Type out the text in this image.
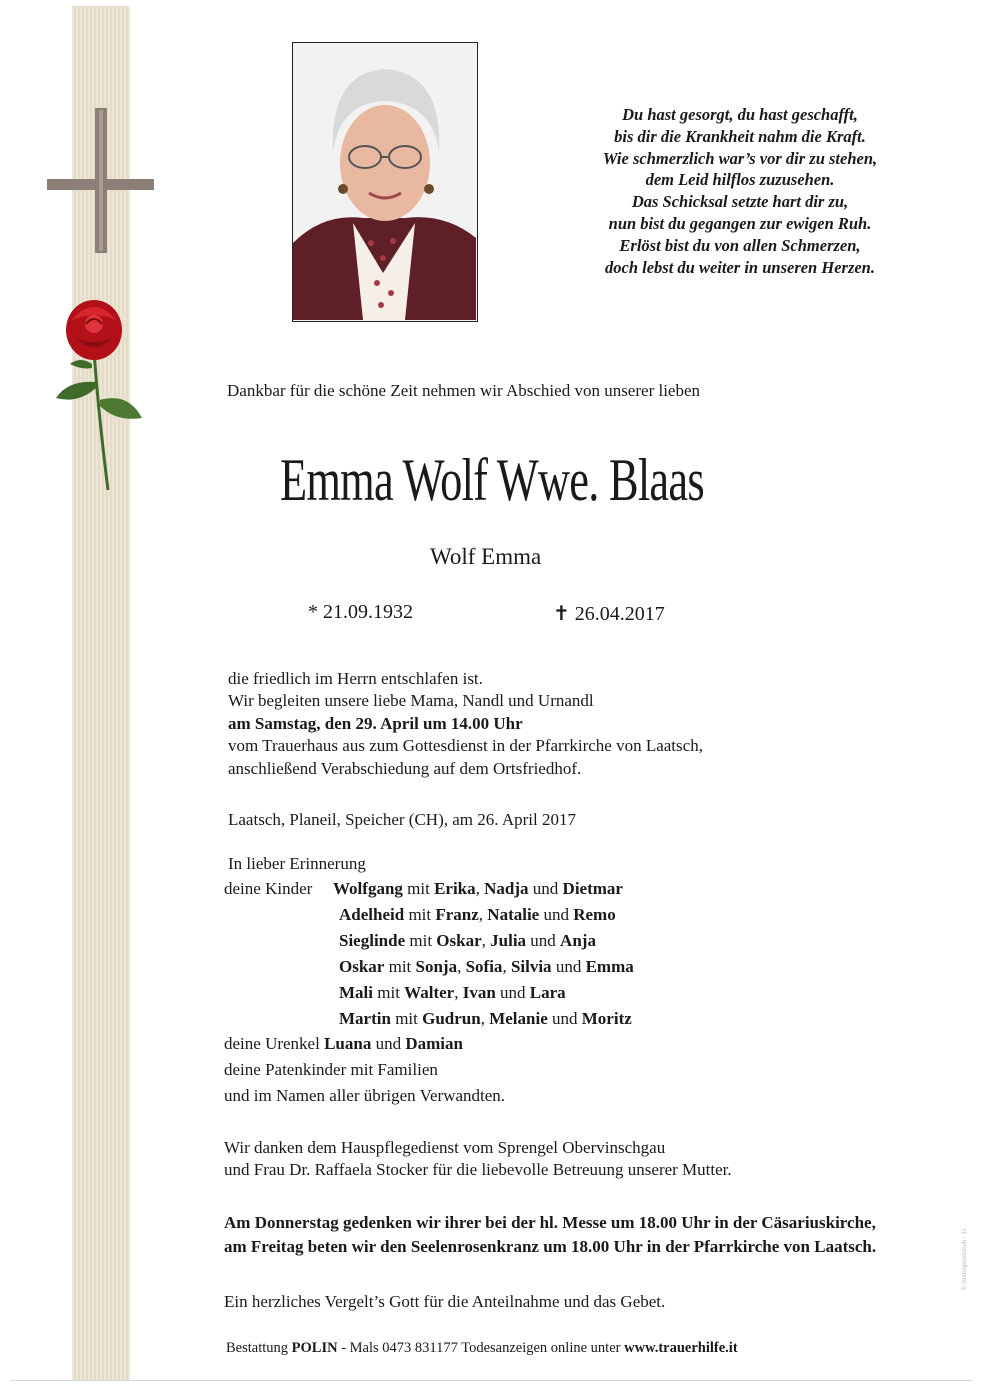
Du hast gesorgt, du hast geschafft,
bis dir die Krankheit nahm die Kraft.
Wie schmerzlich war’s vor dir zu stehen,
dem Leid hilflos zuzusehen.
Das Schicksal setzte hart dir zu,
nun bist du gegangen zur ewigen Ruh.
Erlöst bist du von allen Schmerzen,
doch lebst du weiter in unseren Herzen.
Dankbar für die schöne Zeit nehmen wir Abschied von unserer lieben
Emma Wolf Wwe. Blaas
Wolf Emma
* 21.09.1932	✝ 26.04.2017
die friedlich im Herrn entschlafen ist.
Wir begleiten unsere liebe Mama, Nandl und Urnandl
am Samstag, den 29. April um 14.00 Uhr
vom Trauerhaus aus zum Gottesdienst in der Pfarrkirche von Laatsch,
anschließend Verabschiedung auf dem Ortsfriedhof.
Laatsch, Planeil, Speicher (CH), am 26. April 2017
In lieber Erinnerung
deine Kinder Wolfgang mit Erika, Nadja und Dietmar
Adelheid mit Franz, Natalie und Remo
Sieglinde mit Oskar, Julia und Anja
Oskar mit Sonja, Sofia, Silvia und Emma
Mali mit Walter, Ivan und Lara
Martin mit Gudrun, Melanie und Moritz
deine Urenkel Luana und Damian
deine Patenkinder mit Familien
und im Namen aller übrigen Verwandten.
Wir danken dem Hauspflegedienst vom Sprengel Obervinschgau
und Frau Dr. Raffaela Stocker für die liebevolle Betreuung unserer Mutter.
Am Donnerstag gedenken wir ihrer bei der hl. Messe um 18.00 Uhr in der Cäsariuskirche,
am Freitag beten wir den Seelenrosenkranz um 18.00 Uhr in der Pfarrkirche von Laatsch.
Ein herzliches Vergelt’s Gott für die Anteilnahme und das Gebet.
Bestattung POLIN - Mals 0473 831177 Todesanzeigen online unter www.trauerhilfe.it
© studiogrünschuh - 11
